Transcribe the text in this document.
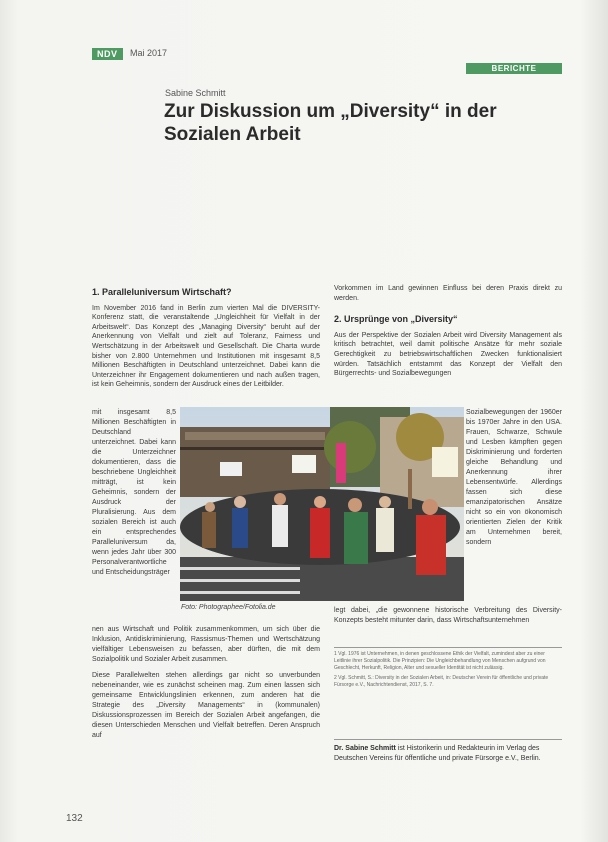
NDV	Mai 2017
BERICHTE
Sabine Schmitt
Zur Diskussion um „Diversity“ in der Sozialen Arbeit
1. Paralleluniversum Wirtschaft?

Im November 2016 fand in Berlin zum vierten Mal die DIVERSITY-Konferenz statt, die veranstaltende „Ungleichheit für Vielfalt in der Arbeitswelt“. Das Konzept des „Managing Diversity“ beruht auf der Anerkennung von Vielfalt und zielt auf Toleranz, Fairness und Wertschätzung in der Arbeitswelt und Gesellschaft. Die Charta wurde bisher von 2.800 Unternehmen und Institutionen mit insgesamt 8,5 Millionen Beschäftigten in Deutschland unterzeichnet. Dabei kann die Unterzeichner ihr Engagement dokumentieren und nach außen tragen, ist kein Geheimnis, sondern der Ausdruck eines der Leitbilder.

mit insgesamt 8,5 Millionen Beschäftigten in Deutschland unterzeichnet. Dabei kann die Unterzeichner dokumentieren, dass die beschriebene Ungleichheit mitträgt, ist kein Geheimnis, sondern der Ausdruck der Pluralisierung. Aus dem sozialen Bereich ist auch ein entsprechendes Paralleluniversum da, wenn jedes Jahr über 300 Personalverantwortliche und Entscheidungsträger
Foto: Photographee/Fotolia.de

nen aus Wirtschaft und Politik zusammenkommen, um sich über die Inklusion, Antidiskriminierung, Rassismus-Themen und Wertschätzung vielfältiger Lebensweisen zu befassen, aber dürften, die mit dem Sozialpolitik und Sozialer Arbeit zusammen.

Diese Parallelwelten stehen allerdings gar nicht so unverbunden nebeneinander, wie es zunächst scheinen mag. Zum einen lassen sich gemeinsame Entwicklungslinien erkennen, zum anderen hat die Strategie des „Diversity Managements“ in (kommunalen) Diskussionsprozessen im Bereich der Sozialen Arbeit angefangen, die diesen Unterschieden Menschen und Vielfalt betreffen. Deren Anspruch auf

Vorkommen im Land gewinnen Einfluss bei deren Praxis direkt zu werden.

2. Ursprünge von „Diversity“

Aus der Perspektive der Sozialen Arbeit wird Diversity Management als kritisch betrachtet, weil damit politische Ansätze für mehr soziale Gerechtigkeit zu betriebswirtschaftlichen Zwecken funktionalisiert würden. Tatsächlich entstammt das Konzept der Vielfalt den Bürgerrechts- und Sozialbewegungen

Sozialbewegungen der 1960er bis 1970er Jahre in den USA. Frauen, Schwarze, Schwule und Lesben kämpften gegen Diskriminierung und forderten gleiche Behandlung und Anerkennung ihrer Lebensentwürfe. Allerdings fassen sich diese emanzipatorischen Ansätze nicht so ein von ökonomisch orientierten Zielen der Kritik am Unternehmen bereit, sondern
legt dabei, „die gewonnene historische Verbreitung des Diversity-Konzepts besteht mitunter darin, dass Wirtschaftsunternehmen

1 Vgl. 1976 ist Unternehmen, in denen geschlossene Ethik der Vielfalt, zumindest aber zu einer Leitlinie ihrer Sozialpolitik. Die Prinzipien: Die Ungleichbehandlung von Menschen aufgrund von Geschlecht, Herkunft, Religion, Alter und sexueller Identität ist nicht zulässig.

2 Vgl. Schmitt, S.: Diversity in der Sozialen Arbeit, in: Deutscher Verein für öffentliche und private Fürsorge e.V., Nachrichtendienst, 2017, S. 7.

Dr. Sabine Schmitt ist Historikerin und Redakteurin im Verlag des Deutschen Vereins für öffentliche und private Fürsorge e.V., Berlin.
132
